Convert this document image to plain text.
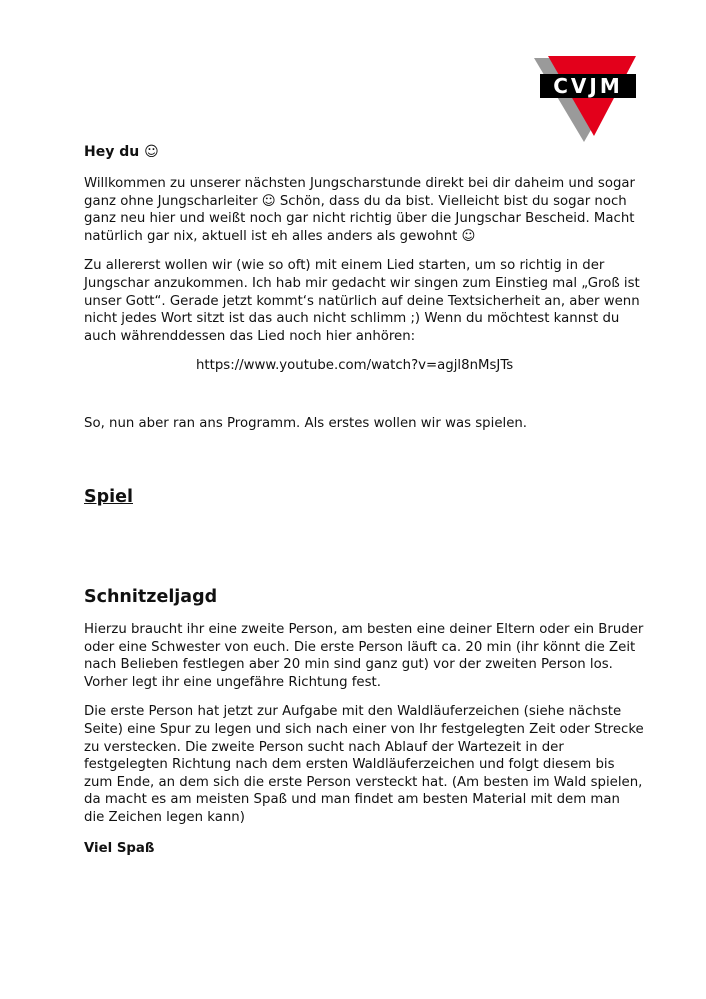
CVJM

Hey du ☺

Willkommen zu unserer nächsten Jungscharstunde direkt bei dir daheim und sogar ganz ohne Jungscharleiter ☺ Schön, dass du da bist. Vielleicht bist du sogar noch ganz neu hier und weißt noch gar nicht richtig über die Jungschar Bescheid. Macht natürlich gar nix, aktuell ist eh alles anders als gewohnt ☺

Zu allererst wollen wir (wie so oft) mit einem Lied starten, um so richtig in der Jungschar anzukommen. Ich hab mir gedacht wir singen zum Einstieg mal „Groß ist unser Gott“. Gerade jetzt kommt‘s natürlich auf deine Textsicherheit an, aber wenn nicht jedes Wort sitzt ist das auch nicht schlimm ;) Wenn du möchtest kannst du auch währenddessen das Lied noch hier anhören:

https://www.youtube.com/watch?v=agjl8nMsJTs

So, nun aber ran ans Programm. Als erstes wollen wir was spielen.

Spiel
Schnitzeljagd

Hierzu braucht ihr eine zweite Person, am besten eine deiner Eltern oder ein Bruder oder eine Schwester von euch. Die erste Person läuft ca. 20 min (ihr könnt die Zeit nach Belieben festlegen aber 20 min sind ganz gut) vor der zweiten Person los. Vorher legt ihr eine ungefähre Richtung fest.

Die erste Person hat jetzt zur Aufgabe mit den Waldläuferzeichen (siehe nächste Seite) eine Spur zu legen und sich nach einer von Ihr festgelegten Zeit oder Strecke zu verstecken. Die zweite Person sucht nach Ablauf der Wartezeit in der festgelegten Richtung nach dem ersten Waldläuferzeichen und folgt diesem bis zum Ende, an dem sich die erste Person versteckt hat. (Am besten im Wald spielen, da macht es am meisten Spaß und man findet am besten Material mit dem man die Zeichen legen kann)

Viel Spaß
